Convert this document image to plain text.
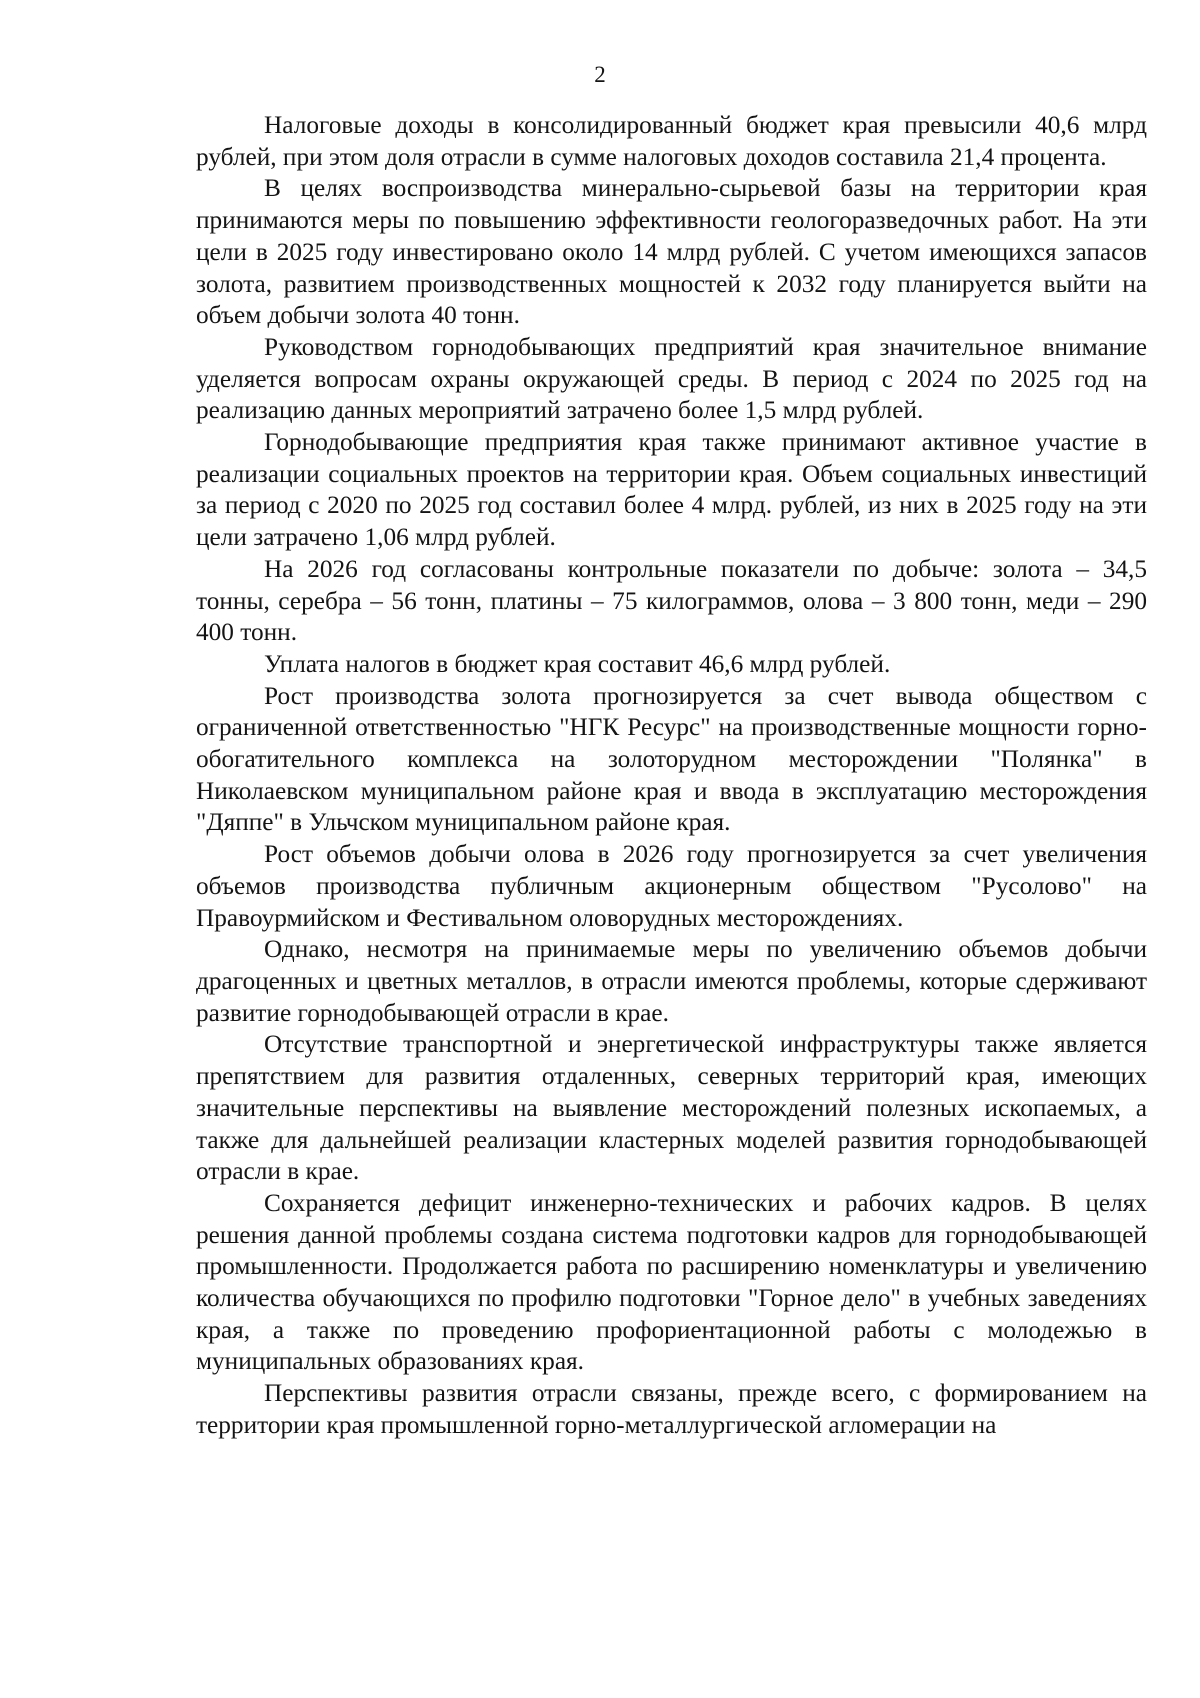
2

Налоговые доходы в консолидированный бюджет края превысили 40,6 млрд рублей, при этом доля отрасли в сумме налоговых доходов составила 21,4 процента.

В целях воспроизводства минерально-сырьевой базы на территории края принимаются меры по повышению эффективности геологоразведочных работ. На эти цели в 2025 году инвестировано около 14 млрд рублей. С учетом имеющихся запасов золота, развитием производственных мощностей к 2032 году планируется выйти на объем добычи золота 40 тонн.

Руководством горнодобывающих предприятий края значительное внимание уделяется вопросам охраны окружающей среды. В период с 2024 по 2025 год на реализацию данных мероприятий затрачено более 1,5 млрд рублей.

Горнодобывающие предприятия края также принимают активное участие в реализации социальных проектов на территории края. Объем социальных инвестиций за период с 2020 по 2025 год составил более 4 млрд. рублей, из них в 2025 году на эти цели затрачено 1,06 млрд рублей.

На 2026 год согласованы контрольные показатели по добыче: золота – 34,5 тонны, серебра – 56 тонн, платины – 75 килограммов, олова – 3 800 тонн, меди – 290 400 тонн.

Уплата налогов в бюджет края составит 46,6 млрд рублей.

Рост производства золота прогнозируется за счет вывода обществом с ограниченной ответственностью "НГК Ресурс" на производственные мощности горно-обогатительного комплекса на золоторудном месторождении "Полянка" в Николаевском муниципальном районе края и ввода в эксплуатацию месторождения "Дяппе" в Ульчском муниципальном районе края.

Рост объемов добычи олова в 2026 году прогнозируется за счет увеличения объемов производства публичным акционерным обществом "Русолово" на Правоурмийском и Фестивальном оловорудных месторождениях.

Однако, несмотря на принимаемые меры по увеличению объемов добычи драгоценных и цветных металлов, в отрасли имеются проблемы, которые сдерживают развитие горнодобывающей отрасли в крае.

Отсутствие транспортной и энергетической инфраструктуры также является препятствием для развития отдаленных, северных территорий края, имеющих значительные перспективы на выявление месторождений полезных ископаемых, а также для дальнейшей реализации кластерных моделей развития горнодобывающей отрасли в крае.

Сохраняется дефицит инженерно-технических и рабочих кадров. В целях решения данной проблемы создана система подготовки кадров для горнодобывающей промышленности. Продолжается работа по расширению номенклатуры и увеличению количества обучающихся по профилю подготовки "Горное дело" в учебных заведениях края, а также по проведению профориентационной работы с молодежью в муниципальных образованиях края.

Перспективы развития отрасли связаны, прежде всего, с формированием на территории края промышленной горно-металлургической агломерации на
